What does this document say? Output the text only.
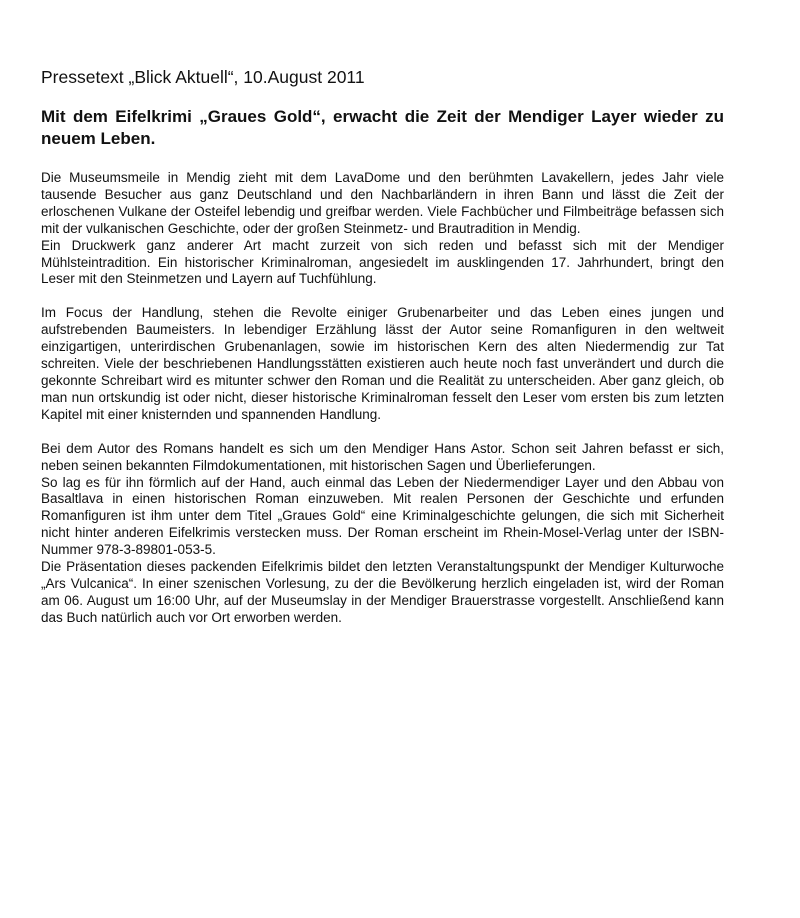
Pressetext „Blick Aktuell“, 10.August 2011
Mit dem Eifelkrimi „Graues Gold“, erwacht die Zeit der Mendiger Layer wieder zu neuem Leben.

Die Museumsmeile in Mendig zieht mit dem LavaDome und den berühmten Lavakellern, jedes Jahr viele tausende Besucher aus ganz Deutschland und den Nachbarländern in ihren Bann und lässt die Zeit der erloschenen Vulkane der Osteifel lebendig und greifbar werden. Viele Fachbücher und Filmbeiträge befassen sich mit der vulkanischen Geschichte, oder der großen Steinmetz- und Brautradition in Mendig.

Ein Druckwerk ganz anderer Art macht zurzeit von sich reden und befasst sich mit der Mendiger Mühlsteintradition. Ein historischer Kriminalroman, angesiedelt im ausklingenden 17. Jahrhundert, bringt den Leser mit den Steinmetzen und Layern auf Tuchfühlung.

Im Focus der Handlung, stehen die Revolte einiger Grubenarbeiter und das Leben eines jungen und aufstrebenden Baumeisters. In lebendiger Erzählung lässt der Autor seine Romanfiguren in den weltweit einzigartigen, unterirdischen Grubenanlagen, sowie im historischen Kern des alten Niedermendig zur Tat schreiten. Viele der beschriebenen Handlungsstätten existieren auch heute noch fast unverändert und durch die gekonnte Schreibart wird es mitunter schwer den Roman und die Realität zu unterscheiden. Aber ganz gleich, ob man nun ortskundig ist oder nicht, dieser historische Kriminalroman fesselt den Leser vom ersten bis zum letzten Kapitel mit einer knisternden und spannenden Handlung.

Bei dem Autor des Romans handelt es sich um den Mendiger Hans Astor. Schon seit Jahren befasst er sich, neben seinen bekannten Filmdokumentationen, mit historischen Sagen und Überlieferungen.

So lag es für ihn förmlich auf der Hand, auch einmal das Leben der Niedermendiger Layer und den Abbau von Basaltlava in einen historischen Roman einzuweben. Mit realen Personen der Geschichte und erfunden Romanfiguren ist ihm unter dem Titel „Graues Gold“ eine Kriminalgeschichte gelungen, die sich mit Sicherheit nicht hinter anderen Eifelkrimis verstecken muss. Der Roman erscheint im Rhein-Mosel-Verlag unter der ISBN- Nummer 978-3-89801-053-5.

Die Präsentation dieses packenden Eifelkrimis bildet den letzten Veranstaltungspunkt der Mendiger Kulturwoche „Ars Vulcanica“. In einer szenischen Vorlesung, zu der die Bevölkerung herzlich eingeladen ist, wird der Roman am 06. August um 16:00 Uhr, auf der Museumslay in der Mendiger Brauerstrasse vorgestellt. Anschließend kann das Buch natürlich auch vor Ort erworben werden.
